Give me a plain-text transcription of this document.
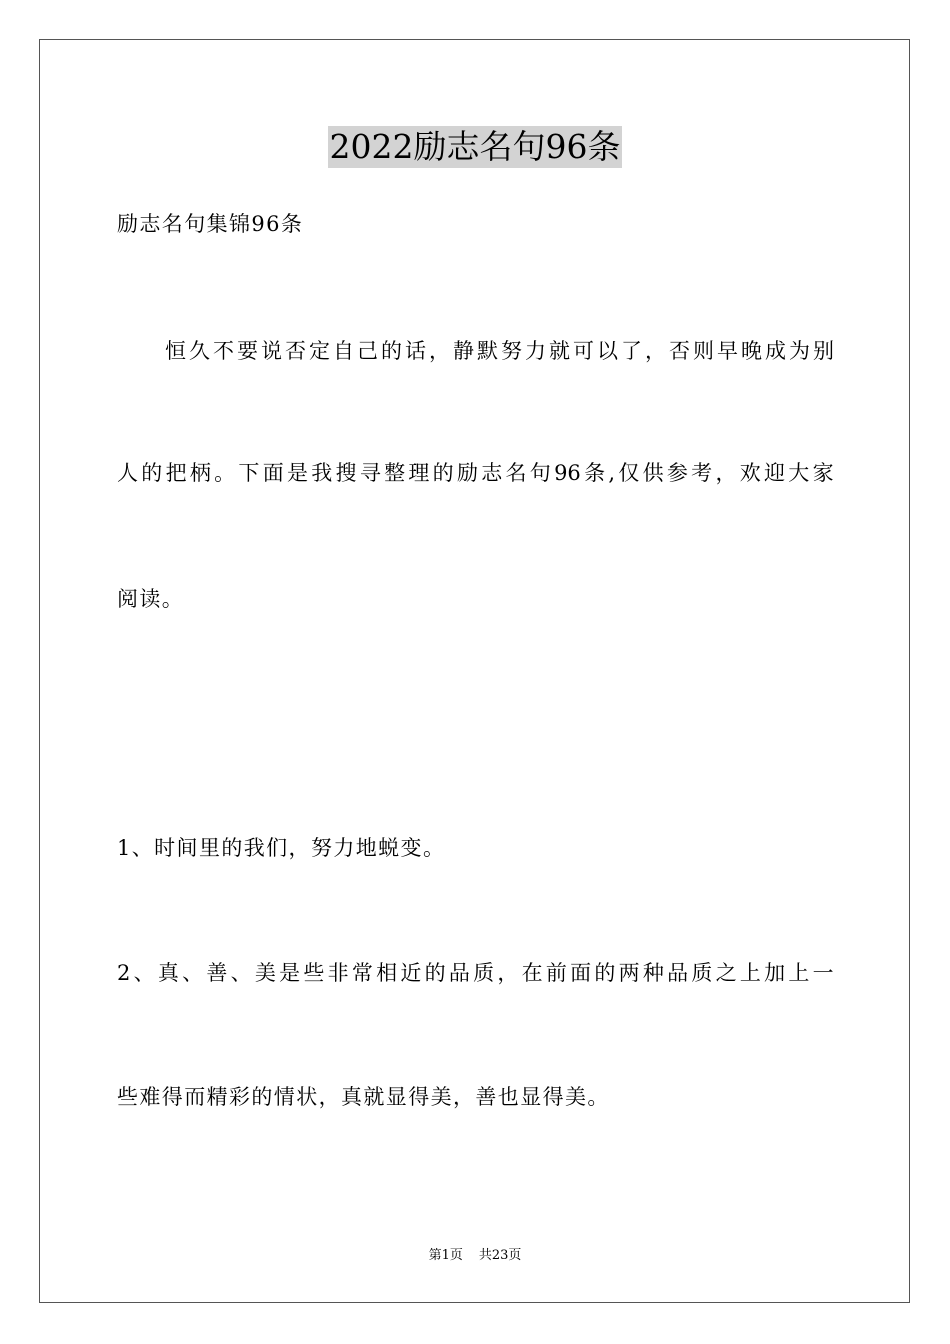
2022励志名句96条
励志名句集锦96条
恒 久 不 要 说 否 定 自 己 的 话 ， 静 默 努 力 就 可 以 了 ， 否 则 早 晚 成 为 别
人 的 把 柄 。 下 面 是 我 搜 寻 整 理 的 励 志 名 句 96 条 , 仅 供 参 考 ， 欢 迎 大 家
阅读。
1、时间里的我们，努力地蜕变。
2 、 真 、 善 、 美 是 些 非 常 相 近 的 品 质 ， 在 前 面 的 两 种 品 质 之 上 加 上 一
些难得而精彩的情状，真就显得美，善也显得美。
第1页 共23页
